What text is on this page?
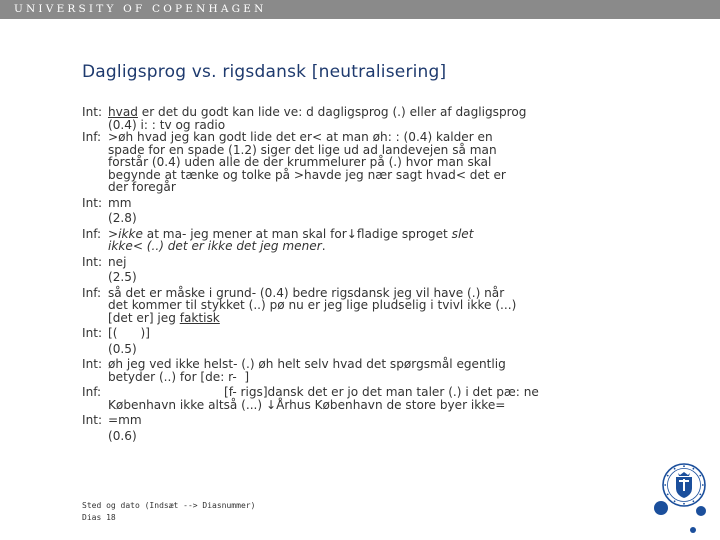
UNIVERSITY OF COPENHAGEN
Dagligsprog vs. rigsdansk [neutralisering]
Int: hvad er det du godt kan lide ve: d dagligsprog (.) eller af dagligsprog
(0.4) i: : tv og radio
Inf: >øh hvad jeg kan godt lide det er< at man øh: : (0.4) kalder en
spade for en spade (1.2) siger det lige ud ad landevejen så man
forstår (0.4) uden alle de der krummelurer på (.) hvor man skal
begynde at tænke og tolke på >havde jeg nær sagt hvad< det er
der foregår
Int: mm
(2.8)
Inf: >ikke at ma- jeg mener at man skal for↓fladige sproget slet
ikke< (..) det er ikke det jeg mener.
Int: nej
(2.5)
Inf: så det er måske i grund- (0.4) bedre rigsdansk jeg vil have (.) når
det kommer til stykket (..) pø nu er jeg lige pludselig i tvivl ikke (...)
[det er] jeg faktisk
Int: [(      )]
(0.5)
Int: øh jeg ved ikke helst- (.) øh helt selv hvad det spørgsmål egentlig
betyder (..) for [de: r-  ]
Inf:	[f- rigs]dansk det er jo det man taler (.) i det pæ: ne
København ikke altså (...) ↓Århus København de store byer ikke=
Int: =mm
(0.6)
Sted og dato (Indsæt --> Diasnummer)
Dias 18
